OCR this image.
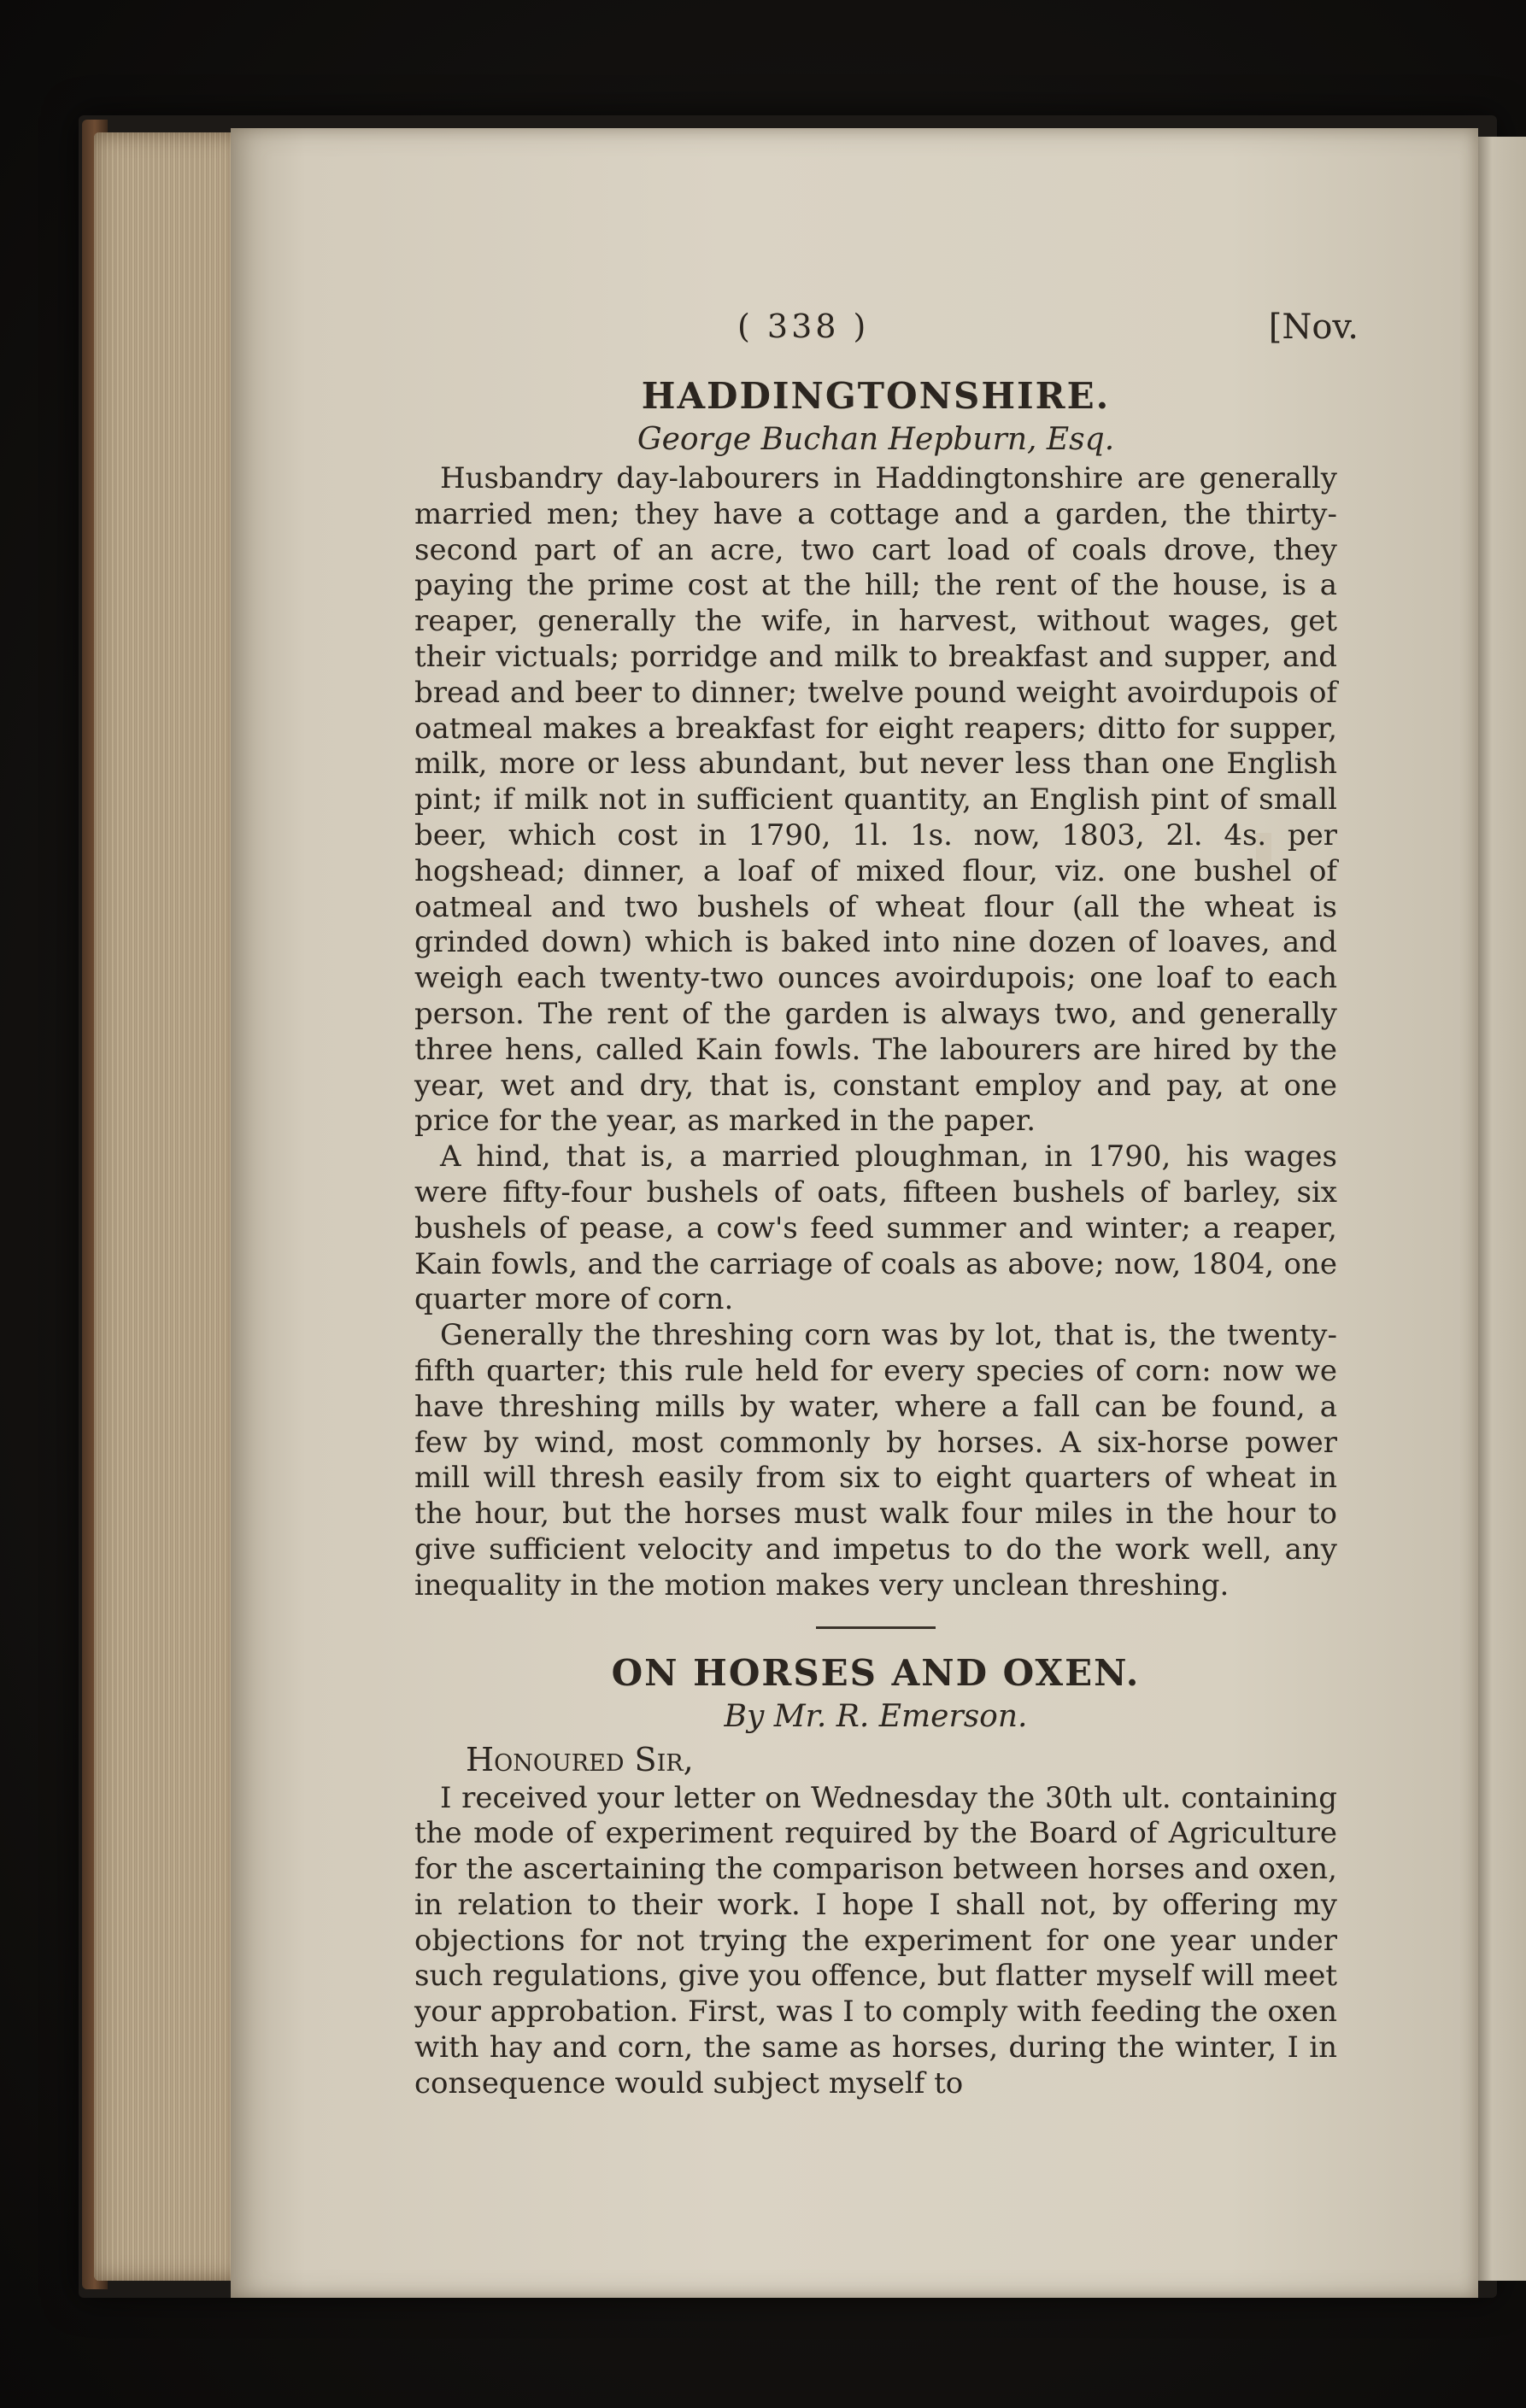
( 338 )	[Nov.
HADDINGTONSHIRE.

George Buchan Hepburn, Esq.

Husbandry day-labourers in Haddingtonshire are generally married men; they have a cottage and a garden, the thirty-second part of an acre, two cart load of coals drove, they paying the prime cost at the hill; the rent of the house, is a reaper, generally the wife, in harvest, without wages, get their victuals; porridge and milk to breakfast and supper, and bread and beer to dinner; twelve pound weight avoirdupois of oatmeal makes a breakfast for eight reapers; ditto for supper, milk, more or less abundant, but never less than one English pint; if milk not in sufficient quantity, an English pint of small beer, which cost in 1790, 1l. 1s. now, 1803, 2l. 4s. per hogshead; dinner, a loaf of mixed flour, viz. one bushel of oatmeal and two bushels of wheat flour (all the wheat is grinded down) which is baked into nine dozen of loaves, and weigh each twenty-two ounces avoirdupois; one loaf to each person. The rent of the garden is always two, and generally three hens, called Kain fowls. The labourers are hired by the year, wet and dry, that is, constant employ and pay, at one price for the year, as marked in the paper.

A hind, that is, a married ploughman, in 1790, his wages were fifty-four bushels of oats, fifteen bushels of barley, six bushels of pease, a cow's feed summer and winter; a reaper, Kain fowls, and the carriage of coals as above; now, 1804, one quarter more of corn.

Generally the threshing corn was by lot, that is, the twenty-fifth quarter; this rule held for every species of corn: now we have threshing mills by water, where a fall can be found, a few by wind, most commonly by horses. A six-horse power mill will thresh easily from six to eight quarters of wheat in the hour, but the horses must walk four miles in the hour to give sufficient velocity and impetus to do the work well, any inequality in the motion makes very unclean threshing.

ON HORSES AND OXEN.

By Mr. R. Emerson.

Honoured Sir,

I received your letter on Wednesday the 30th ult. containing the mode of experiment required by the Board of Agriculture for the ascertaining the comparison between horses and oxen, in relation to their work. I hope I shall not, by offering my objections for not trying the experiment for one year under such regulations, give you offence, but flatter myself will meet your approbation. First, was I to comply with feeding the oxen with hay and corn, the same as horses, during the winter, I in consequence would subject myself to
